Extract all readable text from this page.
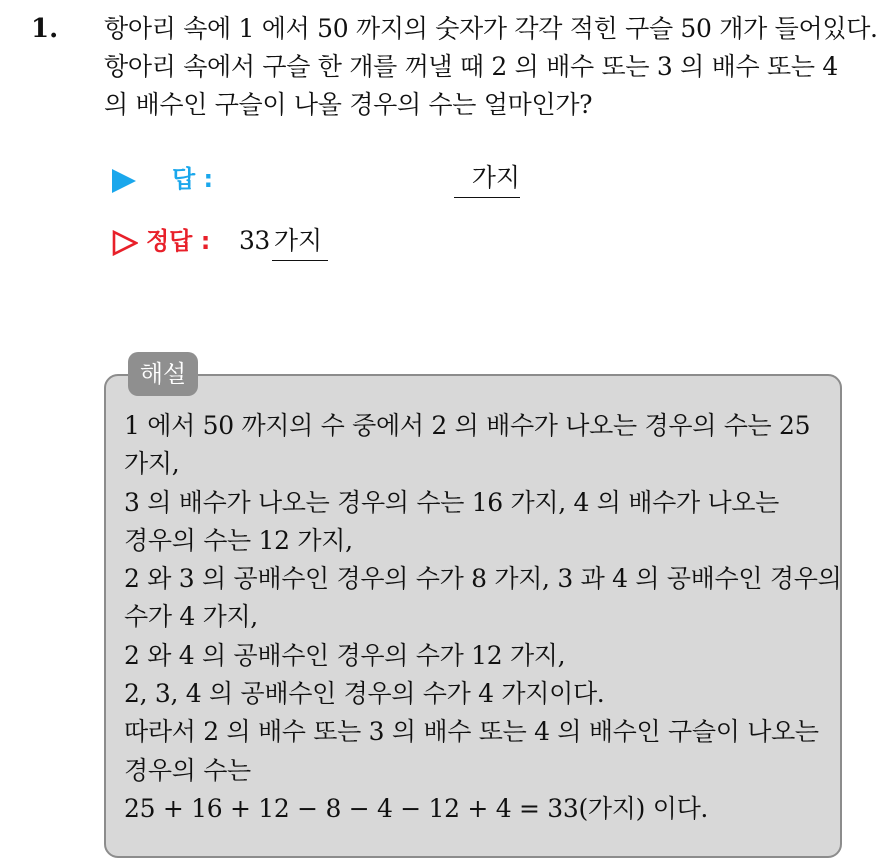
1. 항아리 속에 1 에서 50 까지의 숫자가 각각 적힌 구슬 50 개가 들어있다.
항아리 속에서 구슬 한 개를 꺼낼 때 2 의 배수 또는 3 의 배수 또는 4
의 배수인 구슬이 나올 경우의 수는 얼마인가?
답 :	가지
정답 : 33 가지
해설
1 에서 50 까지의 수 중에서 2 의 배수가 나오는 경우의 수는 25
가지,
3 의 배수가 나오는 경우의 수는 16 가지, 4 의 배수가 나오는
경우의 수는 12 가지,
2 와 3 의 공배수인 경우의 수가 8 가지, 3 과 4 의 공배수인 경우의
수가 4 가지,
2 와 4 의 공배수인 경우의 수가 12 가지,
2, 3, 4 의 공배수인 경우의 수가 4 가지이다.
따라서 2 의 배수 또는 3 의 배수 또는 4 의 배수인 구슬이 나오는
경우의 수는
25 + 16 + 12 − 8 − 4 − 12 + 4 = 33(가지) 이다.
